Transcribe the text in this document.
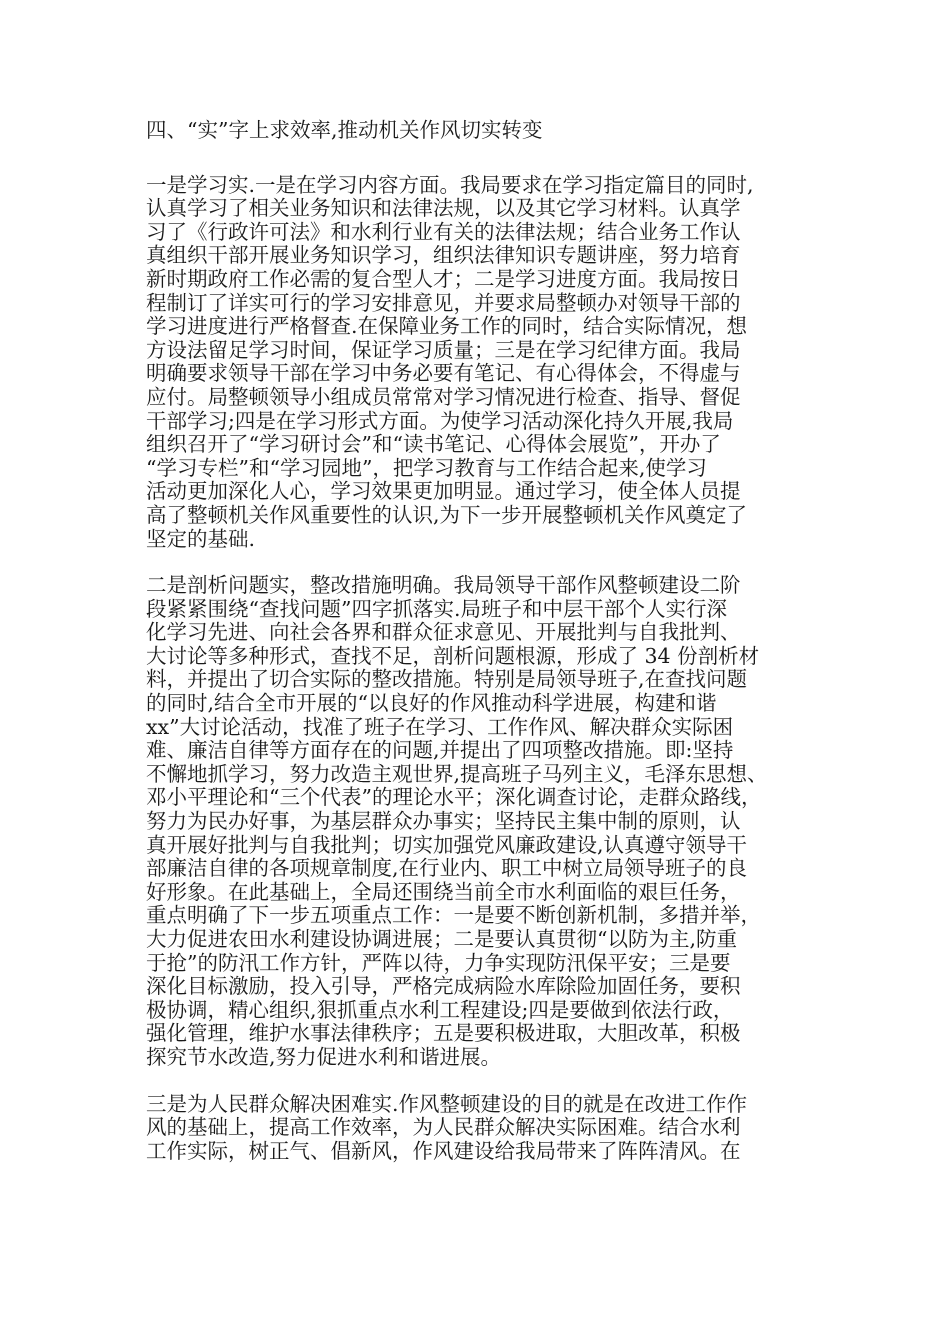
四、“实”字上求效率,推动机关作风切实转变
一是学习实.一是在学习内容方面。我局要求在学习指定篇目的同时,
认真学习了相关业务知识和法律法规，以及其它学习材料。认真学
习了《行政许可法》和水利行业有关的法律法规；结合业务工作认
真组织干部开展业务知识学习，组织法律知识专题讲座，努力培育
新时期政府工作必需的复合型人才；二是学习进度方面。我局按日
程制订了详实可行的学习安排意见，并要求局整顿办对领导干部的
学习进度进行严格督查.在保障业务工作的同时，结合实际情况，想
方设法留足学习时间，保证学习质量；三是在学习纪律方面。我局
明确要求领导干部在学习中务必要有笔记、有心得体会，不得虚与
应付。局整顿领导小组成员常常对学习情况进行检查、指导、督促
干部学习;四是在学习形式方面。为使学习活动深化持久开展,我局
组织召开了“学习研讨会”和“读书笔记、心得体会展览”，开办了
“学习专栏”和“学习园地”，把学习教育与工作结合起来,使学习
活动更加深化人心，学习效果更加明显。通过学习，使全体人员提
高了整顿机关作风重要性的认识,为下一步开展整顿机关作风奠定了
坚定的基础.
二是剖析问题实，整改措施明确。我局领导干部作风整顿建设二阶
段紧紧围绕“查找问题”四字抓落实.局班子和中层干部个人实行深
化学习先进、向社会各界和群众征求意见、开展批判与自我批判、
大讨论等多种形式，查找不足，剖析问题根源，形成了 34 份剖析材
料，并提出了切合实际的整改措施。特别是局领导班子,在查找问题
的同时,结合全市开展的“以良好的作风推动科学进展，构建和谐
xx”大讨论活动，找准了班子在学习、工作作风、解决群众实际困
难、廉洁自律等方面存在的问题,并提出了四项整改措施。即:坚持
不懈地抓学习，努力改造主观世界,提高班子马列主义，毛泽东思想、
邓小平理论和“三个代表”的理论水平；深化调查讨论，走群众路线，
努力为民办好事，为基层群众办事实；坚持民主集中制的原则，认
真开展好批判与自我批判；切实加强党风廉政建设,认真遵守领导干
部廉洁自律的各项规章制度,在行业内、职工中树立局领导班子的良
好形象。在此基础上，全局还围绕当前全市水利面临的艰巨任务，
重点明确了下一步五项重点工作：一是要不断创新机制，多措并举，
大力促进农田水利建设协调进展；二是要认真贯彻“以防为主,防重
于抢”的防汛工作方针，严阵以待，力争实现防汛保平安；三是要
深化目标激励，投入引导，严格完成病险水库除险加固任务，要积
极协调，精心组织,狠抓重点水利工程建设;四是要做到依法行政，
强化管理，维护水事法律秩序；五是要积极进取，大胆改革，积极
探究节水改造,努力促进水利和谐进展。
三是为人民群众解决困难实.作风整顿建设的目的就是在改进工作作
风的基础上，提高工作效率，为人民群众解决实际困难。结合水利
工作实际，树正气、倡新风，作风建设给我局带来了阵阵清风。在
